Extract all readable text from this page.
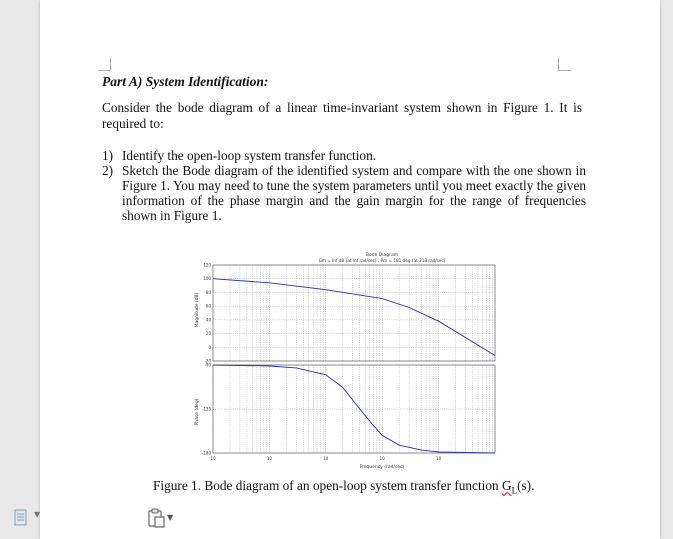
Part A) System Identification:
Consider the bode diagram of a linear time-invariant system shown in Figure 1. It is required to:
1) Identify the open-loop system transfer function.
2) Sketch the Bode diagram of the identified system and compare with the one shown in Figure 1. You may need to tune the system parameters until you meet exactly the given information of the phase margin and the gain margin for the range of frequencies shown in Figure 1.
Bode Diagram
Gm = Inf dB (at Inf rad/sec) , Pm = 181 deg (at 318 rad/sec)
120
100
80
60
40
20
0
-20
-90
-135
-180
10	10	10	10	10
Frequency (rad/sec)
Magnitude (dB)
Phase (deg)
Figure 1. Bode diagram of an open-loop system transfer function $G_L(s)$.
▼
▼
